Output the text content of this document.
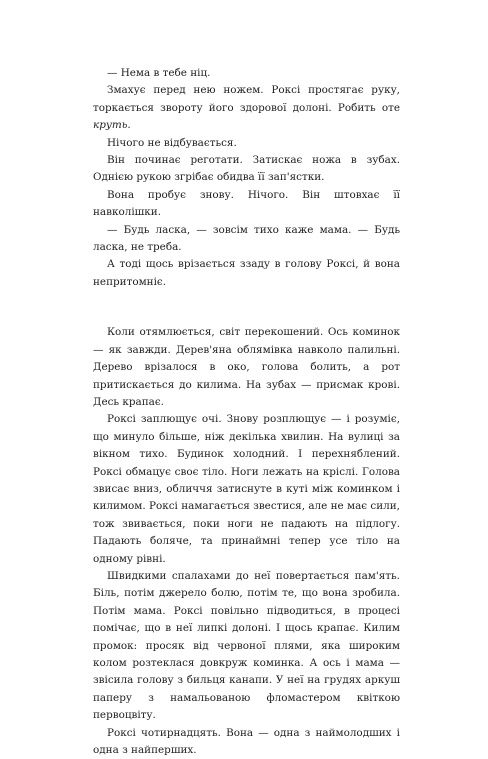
— Нема в тебе ніц.

Змахує перед нею ножем. Роксі простягає руку, торкається звороту його здорової долоні. Робить оте круть.

Нічого не відбувається.

Він починає реготати. Затискає ножа в зубах. Однією рукою згрібає обидва її зап'ястки.

Вона пробує знову. Нічого. Він штовхає її навколішки.

— Будь ласка, — зовсім тихо каже мама. — Будь ласка, не треба.

А тоді щось врізається ззаду в голову Роксі, й вона непритомніє.

Коли отямлюється, світ перекошений. Ось коминок — як завжди. Дерев'яна облямівка навколо палильні. Дерево врізалося в око, голова болить, а рот притискається до килима. На зубах — присмак крові. Десь крапає.

Роксі заплющує очі. Знову розплющує — і розуміє, що минуло більше, ніж декілька хвилин. На вулиці за вікном тихо. Будинок холодний. І перехняблений. Роксі обмацує своє тіло. Ноги лежать на кріслі. Голова звисає вниз, обличчя затиснуте в куті між коминком і килимом. Роксі намагається звестися, але не має сили, тож звивається, поки ноги не падають на підлогу. Падають боляче, та принаймні тепер усе тіло на одному рівні.

Швидкими спалахами до неї повертається пам'ять. Біль, потім джерело болю, потім те, що вона зробила. Потім мама. Роксі повільно підводиться, в процесі помічає, що в неї липкі долоні. І щось крапає. Килим промок: просяк від червоної плями, яка широким колом розтеклася довкруж коминка. А ось і мама — звісила голову з бильця канапи. У неї на грудях аркуш паперу з намальованою фломастером квіткою первоцвіту.

Роксі чотирнадцять. Вона — одна з наймолодших і одна з найперших.
